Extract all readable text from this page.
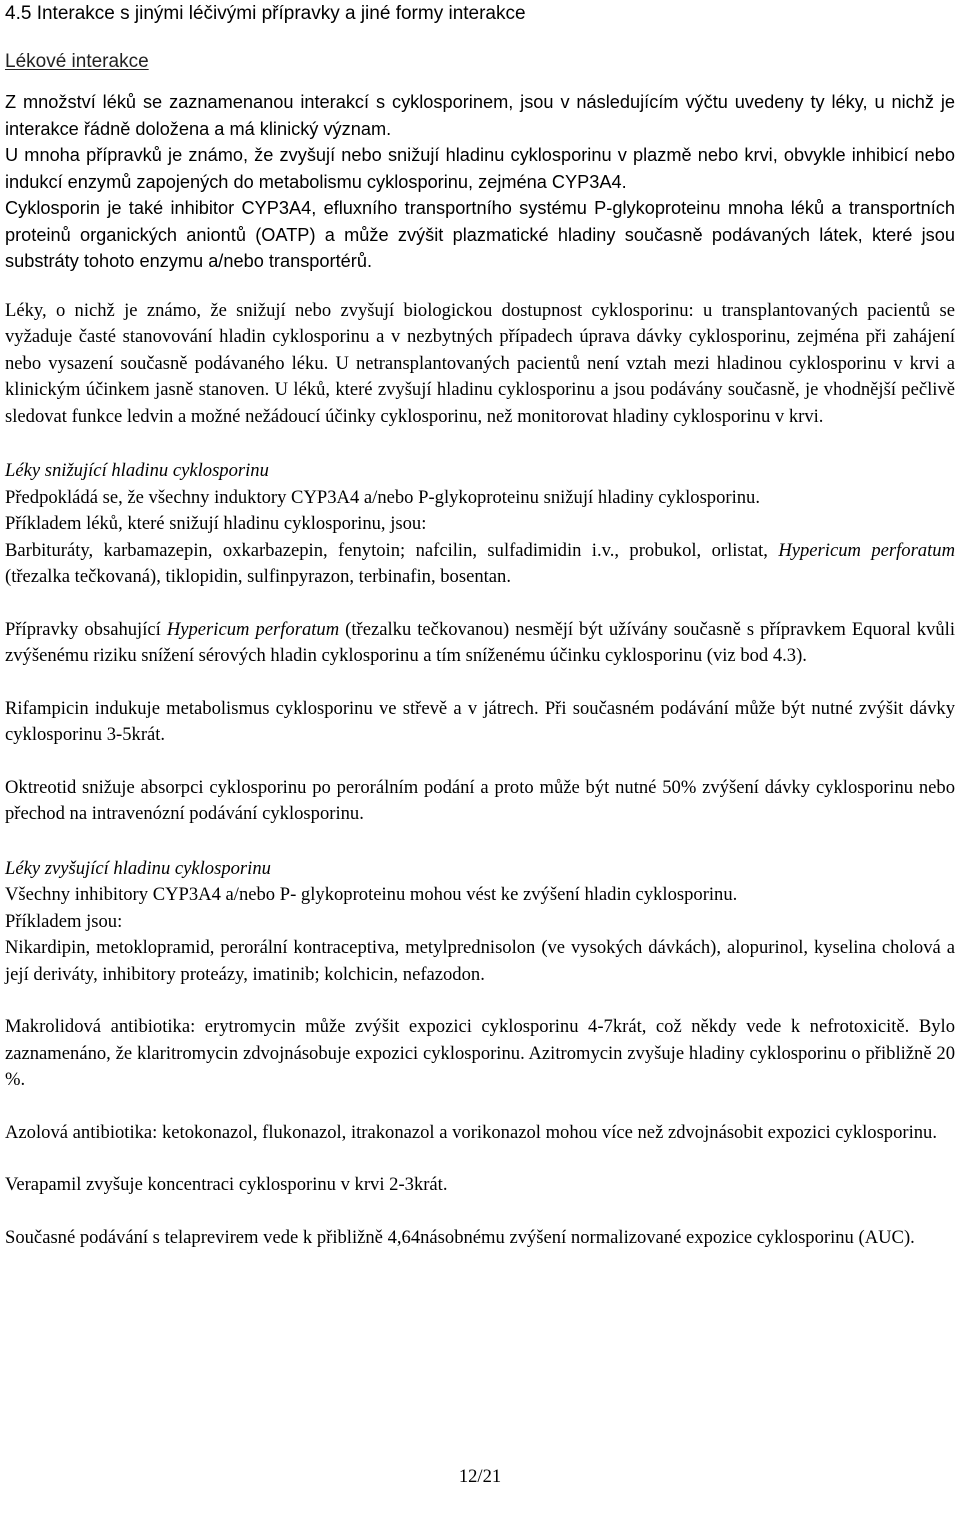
4.5 Interakce s jinými léčivými přípravky a jiné formy interakce
Lékové interakce

Z množství léků se zaznamenanou interakcí s cyklosporinem, jsou v následujícím výčtu uvedeny ty léky, u nichž je interakce řádně doložena a má klinický význam.

U mnoha přípravků je známo, že zvyšují nebo snižují hladinu cyklosporinu v plazmě nebo krvi, obvykle inhibicí nebo indukcí enzymů zapojených do metabolismu cyklosporinu, zejména CYP3A4.
Cyklosporin je také inhibitor CYP3A4, efluxního transportního systému P-glykoproteinu mnoha léků a transportních proteinů organických aniontů (OATP) a může zvýšit plazmatické hladiny současně podávaných látek, které jsou substráty tohoto enzymu a/nebo transportérů.

Léky, o nichž je známo, že snižují nebo zvyšují biologickou dostupnost cyklosporinu: u transplantovaných pacientů se vyžaduje časté stanovování hladin cyklosporinu a v nezbytných případech úprava dávky cyklosporinu, zejména při zahájení nebo vysazení současně podávaného léku. U netransplantovaných pacientů není vztah mezi hladinou cyklosporinu v krvi a klinickým účinkem jasně stanoven. U léků, které zvyšují hladinu cyklosporinu a jsou podávány současně, je vhodnější pečlivě sledovat funkce ledvin a možné nežádoucí účinky cyklosporinu, než monitorovat hladiny cyklosporinu v krvi.

Léky snižující hladinu cyklosporinu

Předpokládá se, že všechny induktory CYP3A4 a/nebo P-glykoproteinu snižují hladiny cyklosporinu.
Příkladem léků, které snižují hladinu cyklosporinu, jsou:
Barbituráty, karbamazepin, oxkarbazepin, fenytoin; nafcilin, sulfadimidin i.v., probukol, orlistat, Hypericum perforatum (třezalka tečkovaná), tiklopidin, sulfinpyrazon, terbinafin, bosentan.

Přípravky obsahující Hypericum perforatum (třezalku tečkovanou) nesmějí být užívány současně s přípravkem Equoral kvůli zvýšenému riziku snížení sérových hladin cyklosporinu a tím sníženému účinku cyklosporinu (viz bod 4.3).

Rifampicin indukuje metabolismus cyklosporinu ve střevě a v játrech. Při současném podávání může být nutné zvýšit dávky cyklosporinu 3-5krát.

Oktreotid snižuje absorpci cyklosporinu po perorálním podání a proto může být nutné 50% zvýšení dávky cyklosporinu nebo přechod na intravenózní podávání cyklosporinu.

Léky zvyšující hladinu cyklosporinu

Všechny inhibitory CYP3A4 a/nebo P- glykoproteinu mohou vést ke zvýšení hladin cyklosporinu.
Příkladem jsou:
Nikardipin, metoklopramid, perorální kontraceptiva, metylprednisolon (ve vysokých dávkách), alopurinol, kyselina cholová a její deriváty, inhibitory proteázy, imatinib; kolchicin, nefazodon.

Makrolidová antibiotika: erytromycin může zvýšit expozici cyklosporinu 4-7krát, což někdy vede k nefrotoxicitě. Bylo zaznamenáno, že klaritromycin zdvojnásobuje expozici cyklosporinu. Azitromycin zvyšuje hladiny cyklosporinu o přibližně 20 %.

Azolová antibiotika: ketokonazol, flukonazol, itrakonazol a vorikonazol mohou více než zdvojnásobit expozici cyklosporinu.

Verapamil zvyšuje koncentraci cyklosporinu v krvi 2-3krát.

Současné podávání s telaprevirem vede k přibližně 4,64násobnému zvýšení normalizované expozice cyklosporinu (AUC).

12/21
